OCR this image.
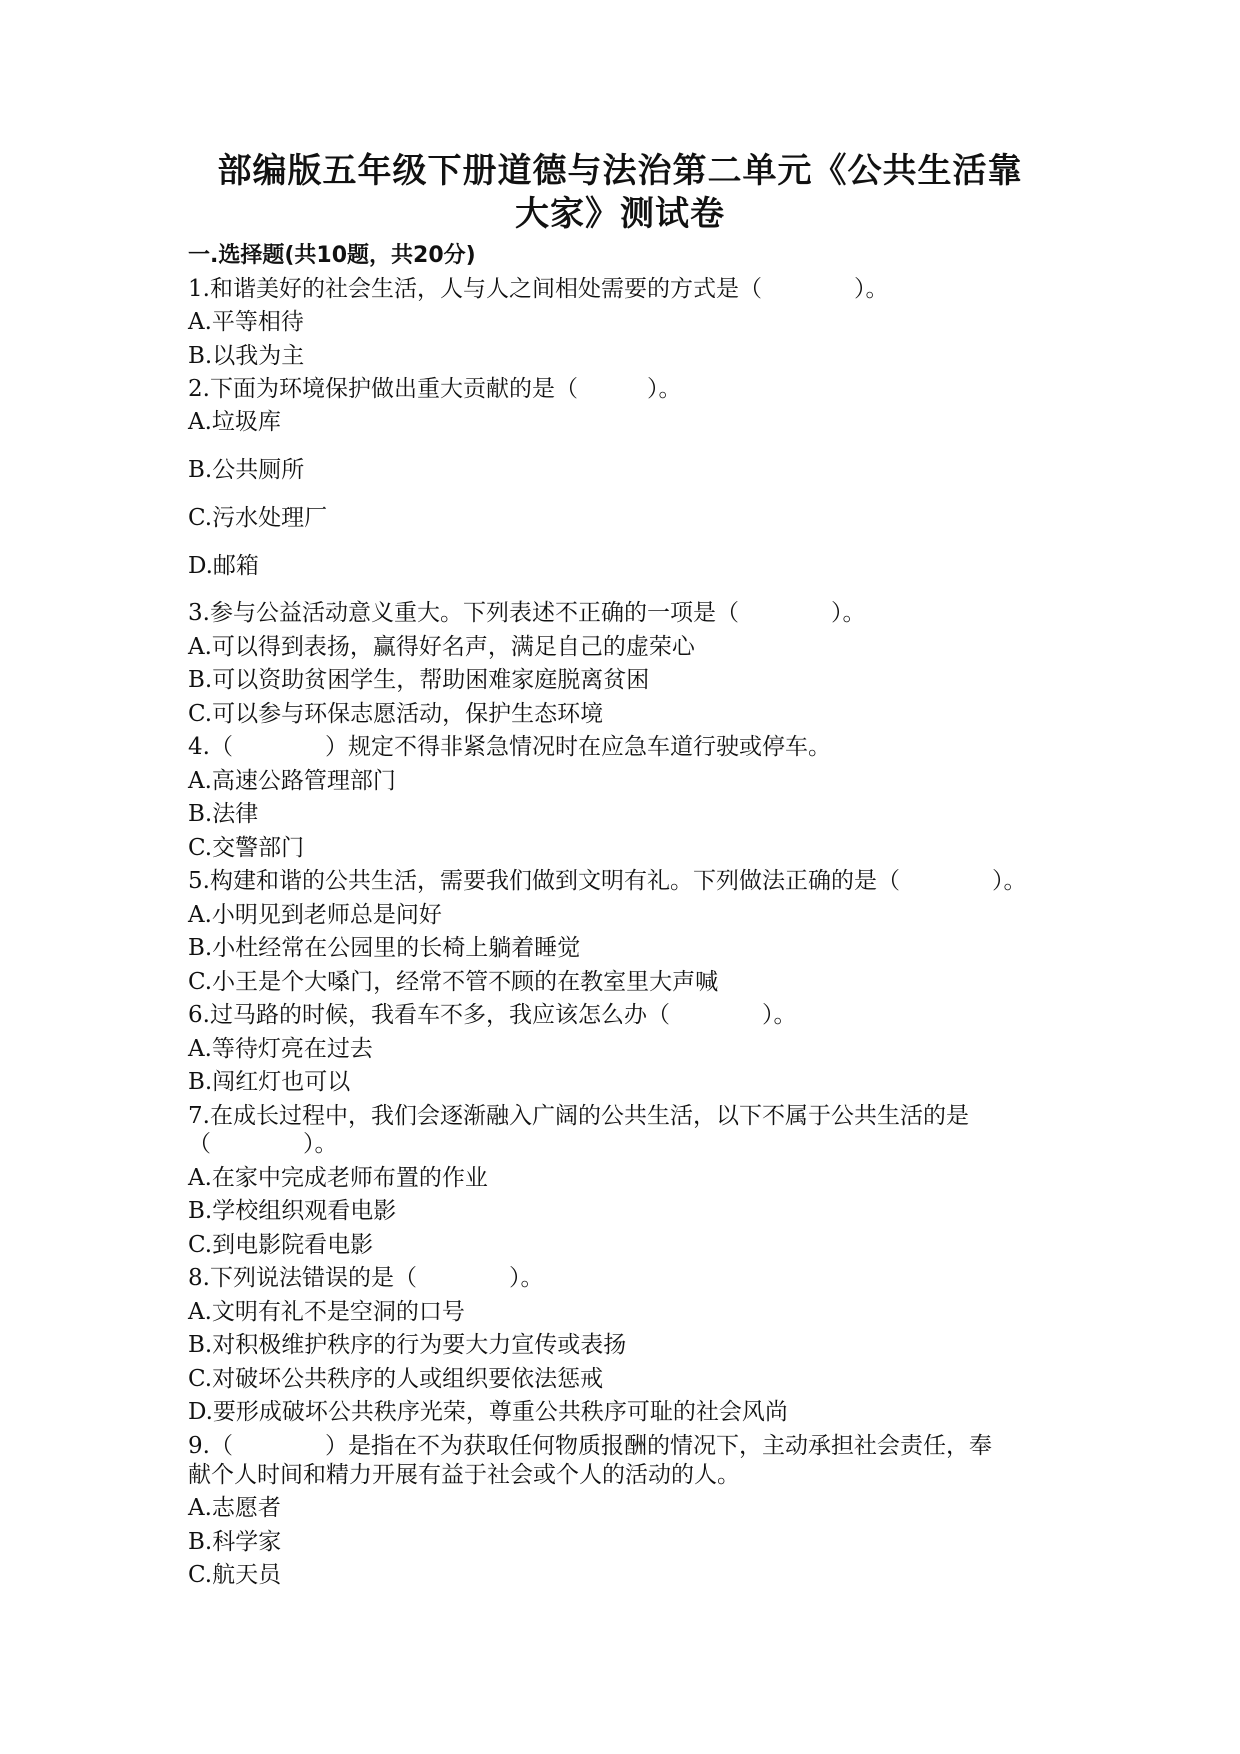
部编版五年级下册道德与法治第二单元《公共生活靠
大家》测试卷
一.选择题(共10题，共20分)

1.和谐美好的社会生活，人与人之间相处需要的方式是（　　　　）。

A.平等相待

B.以我为主

2.下面为环境保护做出重大贡献的是（　　　）。

A.垃圾库

B.公共厕所

C.污水处理厂

D.邮箱

3.参与公益活动意义重大。下列表述不正确的一项是（　　　　）。

A.可以得到表扬，赢得好名声，满足自己的虚荣心

B.可以资助贫困学生，帮助困难家庭脱离贫困

C.可以参与环保志愿活动，保护生态环境

4.（　　　　）规定不得非紧急情况时在应急车道行驶或停车。

A.高速公路管理部门

B.法律

C.交警部门

5.构建和谐的公共生活，需要我们做到文明有礼。下列做法正确的是（　　　　）。

A.小明见到老师总是问好

B.小杜经常在公园里的长椅上躺着睡觉

C.小王是个大嗓门，经常不管不顾的在教室里大声喊

6.过马路的时候，我看车不多，我应该怎么办（　　　　）。

A.等待灯亮在过去

B.闯红灯也可以

7.在成长过程中，我们会逐渐融入广阔的公共生活，以下不属于公共生活的是

（　　　　）。

A.在家中完成老师布置的作业

B.学校组织观看电影

C.到电影院看电影

8.下列说法错误的是（　　　　）。

A.文明有礼不是空洞的口号

B.对积极维护秩序的行为要大力宣传或表扬

C.对破坏公共秩序的人或组织要依法惩戒

D.要形成破坏公共秩序光荣，尊重公共秩序可耻的社会风尚

9.（　　　　）是指在不为获取任何物质报酬的情况下，主动承担社会责任，奉

献个人时间和精力开展有益于社会或个人的活动的人。

A.志愿者

B.科学家

C.航天员
